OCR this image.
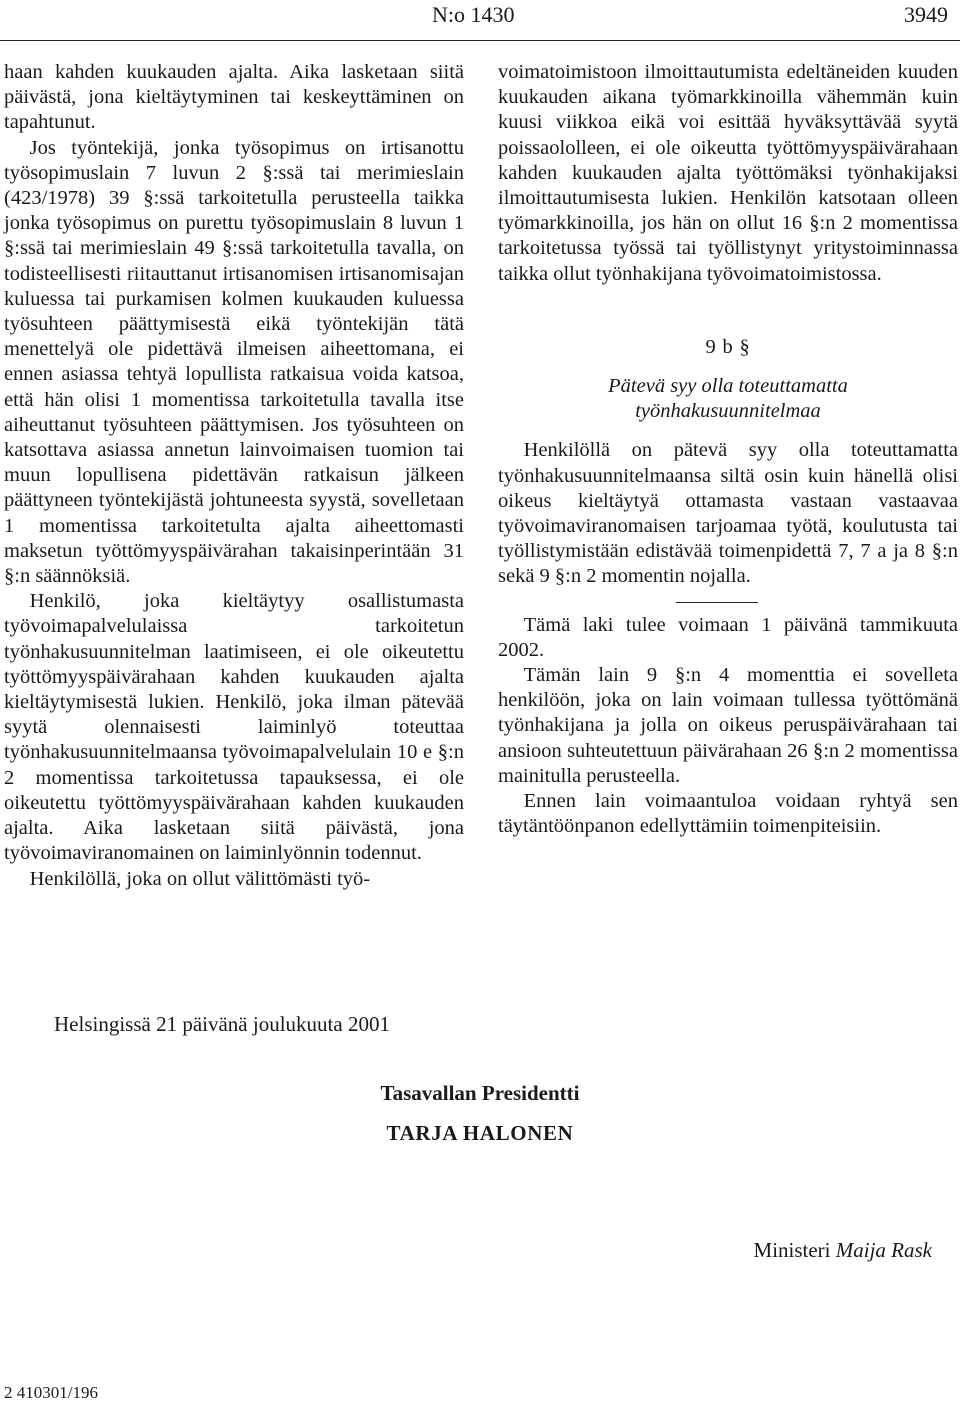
N:o 1430	3949

haan kahden kuukauden ajalta. Aika lasketaan siitä päivästä, jona kieltäytyminen tai keskeyttäminen on tapahtunut.

Jos työntekijä, jonka työsopimus on irtisanottu työsopimuslain 7 luvun 2 §:ssä tai merimieslain (423/1978) 39 §:ssä tarkoitetulla perusteella taikka jonka työsopimus on purettu työsopimuslain 8 luvun 1 §:ssä tai merimieslain 49 §:ssä tarkoitetulla tavalla, on todisteellisesti riitauttanut irtisanomisen irtisanomisajan kuluessa tai purkamisen kolmen kuukauden kuluessa työsuhteen päättymisestä eikä työntekijän tätä menettelyä ole pidettävä ilmeisen aiheettomana, ei ennen asiassa tehtyä lopullista ratkaisua voida katsoa, että hän olisi 1 momentissa tarkoitetulla tavalla itse aiheuttanut työsuhteen päättymisen. Jos työsuhteen on katsottava asiassa annetun lainvoimaisen tuomion tai muun lopullisena pidettävän ratkaisun jälkeen päättyneen työntekijästä johtuneesta syystä, sovelletaan 1 momentissa tarkoitetulta ajalta aiheettomasti maksetun työttömyyspäivärahan takaisinperintään 31 §:n säännöksiä.

Henkilö, joka kieltäytyy osallistumasta työvoimapalvelulaissa tarkoitetun työnhakusuunnitelman laatimiseen, ei ole oikeutettu työttömyyspäivärahaan kahden kuukauden ajalta kieltäytymisestä lukien. Henkilö, joka ilman pätevää syytä olennaisesti laiminlyö toteuttaa työnhakusuunnitelmaansa työvoimapalvelulain 10 e §:n 2 momentissa tarkoitetussa tapauksessa, ei ole oikeutettu työttömyyspäivärahaan kahden kuukauden ajalta. Aika lasketaan siitä päivästä, jona työvoimaviranomainen on laiminlyönnin todennut.

Henkilöllä, joka on ollut välittömästi työ-

voimatoimistoon ilmoittautumista edeltäneiden kuuden kuukauden aikana työmarkkinoilla vähemmän kuin kuusi viikkoa eikä voi esittää hyväksyttävää syytä poissaololleen, ei ole oikeutta työttömyyspäivärahaan kahden kuukauden ajalta työttömäksi työnhakijaksi ilmoittautumisesta lukien. Henkilön katsotaan olleen työmarkkinoilla, jos hän on ollut 16 §:n 2 momentissa tarkoitetussa työssä tai työllistynyt yritystoiminnassa taikka ollut työnhakijana työvoimatoimistossa.

9 b §
Pätevä syy olla toteuttamatta työnhakusuunnitelmaa

Henkilöllä on pätevä syy olla toteuttamatta työnhakusuunnitelmaansa siltä osin kuin hänellä olisi oikeus kieltäytyä ottamasta vastaan vastaavaa työvoimaviranomaisen tarjoamaa työtä, koulutusta tai työllistymistään edistävää toimenpidettä 7, 7 a ja 8 §:n sekä 9 §:n 2 momentin nojalla.

Tämä laki tulee voimaan 1 päivänä tammikuuta 2002.

Tämän lain 9 §:n 4 momenttia ei sovelleta henkilöön, joka on lain voimaan tullessa työttömänä työnhakijana ja jolla on oikeus peruspäivärahaan tai ansioon suhteutettuun päivärahaan 26 §:n 2 momentissa mainitulla perusteella.

Ennen lain voimaantuloa voidaan ryhtyä sen täytäntöönpanon edellyttämiin toimenpiteisiin.

Helsingissä 21 päivänä joulukuuta 2001
Tasavallan Presidentti
TARJA HALONEN
Ministeri Maija Rask
2 410301/196
